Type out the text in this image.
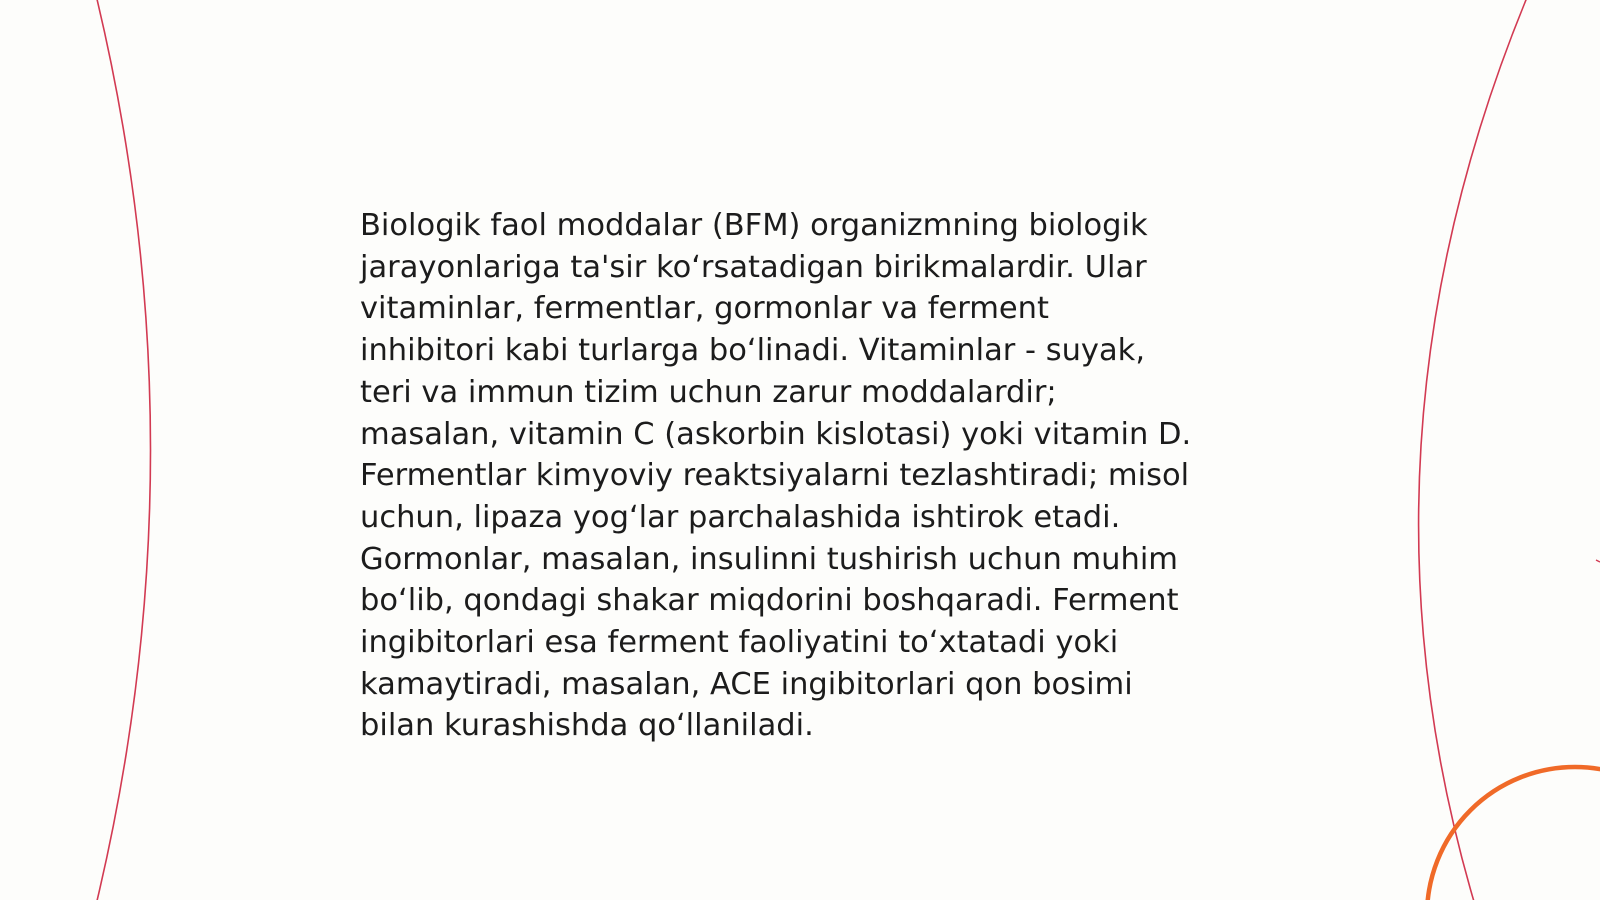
Biologik faol moddalar (BFM) organizmning biologik
jarayonlariga ta'sir ko‘rsatadigan birikmalardir. Ular
vitaminlar, fermentlar, gormonlar va ferment
inhibitori kabi turlarga bo‘linadi. Vitaminlar - suyak,
teri va immun tizim uchun zarur moddalardir;
masalan, vitamin C (askorbin kislotasi) yoki vitamin D.
Fermentlar kimyoviy reaktsiyalarni tezlashtiradi; misol
uchun, lipaza yog‘lar parchalashida ishtirok etadi.
Gormonlar, masalan, insulinni tushirish uchun muhim
bo‘lib, qondagi shakar miqdorini boshqaradi. Ferment
ingibitorlari esa ferment faoliyatini to‘xtatadi yoki
kamaytiradi, masalan, ACE ingibitorlari qon bosimi
bilan kurashishda qo‘llaniladi.
